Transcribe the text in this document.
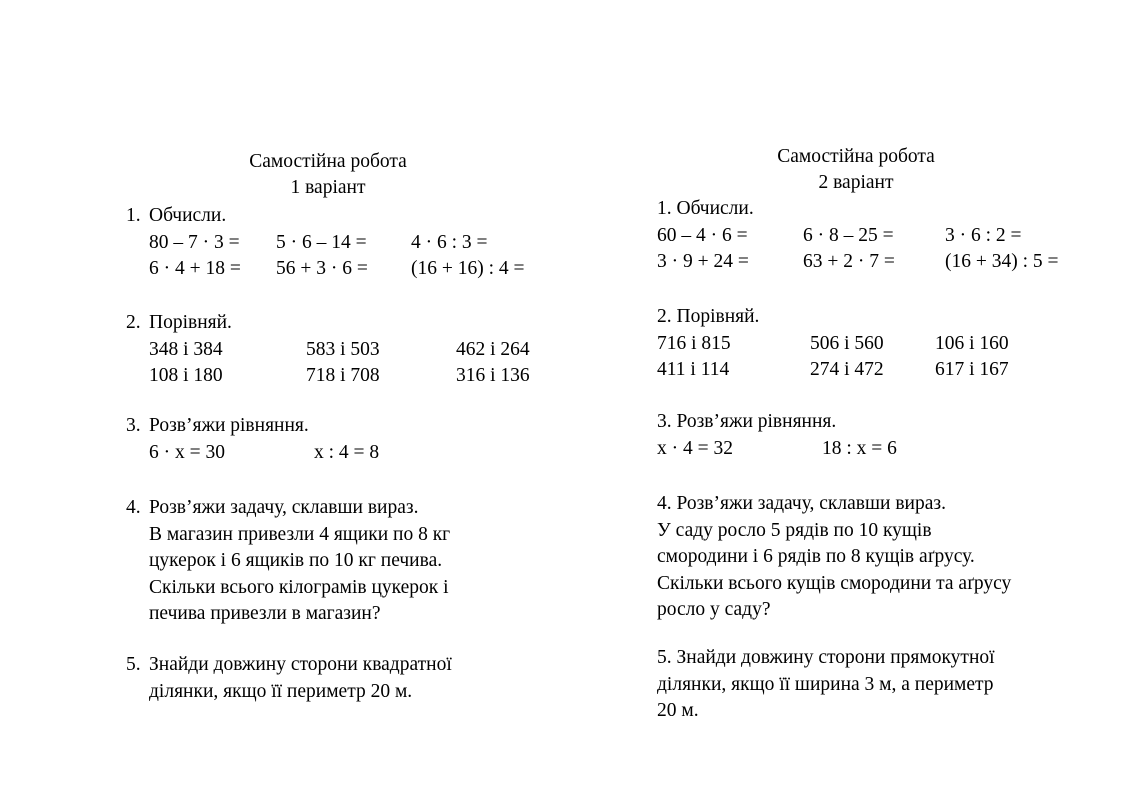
Самостійна робота
1 варіант
1. Обчисли.
80 – 7 · 3 = 5 · 6 – 14 = 4 · 6 : 3 =
6 · 4 + 18 = 56 + 3 · 6 = (16 + 16) : 4 =
2. Порівняй.
348 і 384	583 і 503	462 і 264
108 і 180	718 і 708	316 і 136
3. Розв’яжи рівняння.
6 · х = 30	х : 4 = 8
4. Розв’яжи задачу, склавши вираз.
В магазин привезли 4 ящики по 8 кг
цукерок і 6 ящиків по 10 кг печива.
Скільки всього кілограмів цукерок і
печива привезли в магазин?
5. Знайди довжину сторони квадратної
ділянки, якщо її периметр 20 м.
Самостійна робота
2 варіант
1. Обчисли.
60 – 4 · 6 =	6 · 8 – 25 =	3 · 6 : 2 =
3 · 9 + 24 =	63 + 2 · 7 =	(16 + 34) : 5 =
2. Порівняй.
716 і 815	506 і 560	106 і 160
411 і 114	274 і 472	617 і 167
3. Розв’яжи рівняння.
х · 4 = 32	18 : х = 6
4. Розв’яжи задачу, склавши вираз.
У саду росло 5 рядів по 10 кущів
смородини і 6 рядів по 8 кущів аґрусу.
Скільки всього кущів смородини та аґрусу
росло у саду?
5. Знайди довжину сторони прямокутної
ділянки, якщо її ширина 3 м, а периметр
20 м.
